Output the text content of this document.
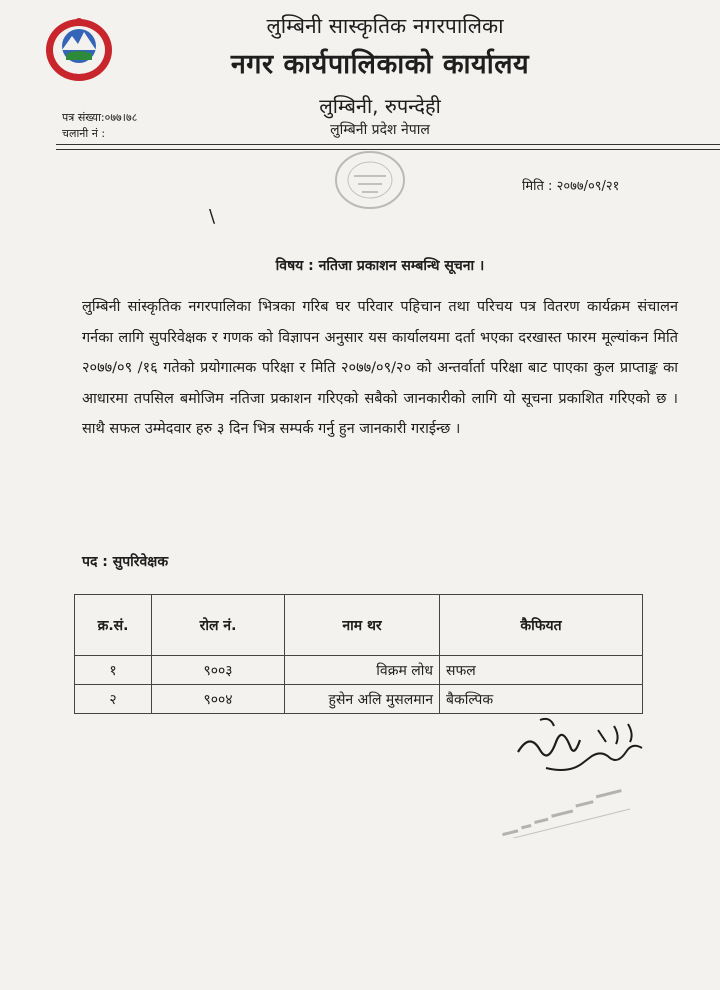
लुम्बिनी सास्कृतिक नगरपालिका
नगर कार्यपालिकाको कार्यालय
लुम्बिनी, रुपन्देही
लुम्बिनी प्रदेश नेपाल
पत्र संख्या:०७७।७८
चलानी नं :
मिति : २०७७/०९/२१
\
विषय : नतिजा प्रकाशन सम्बन्धि सूचना ।
लुम्बिनी सांस्कृतिक नगरपालिका भित्रका गरिब घर परिवार पहिचान तथा परिचय पत्र वितरण कार्यक्रम संचालन गर्नका लागि सुपरिवेक्षक र गणक को विज्ञापन अनुसार यस कार्यालयमा दर्ता भएका दरखास्त फारम मूल्यांकन मिति २०७७/०९ /१६ गतेको प्रयोगात्मक परिक्षा र मिति २०७७/०९/२० को अन्तर्वार्ता परिक्षा बाट पाएका कुल प्राप्ताङ्क का आधारमा तपसिल बमोजिम नतिजा प्रकाशन गरिएको सबैको जानकारीको लागि यो सूचना प्रकाशित गरिएको छ । साथै सफल उम्मेदवार हरु ३ दिन भित्र सम्पर्क गर्नु हुन जानकारी गराईन्छ ।
पद : सुपरिवेक्षक
क्र.सं.	रोल नं.	नाम थर	कैफियत
१	९००३	विक्रम लोध	सफल
२	९००४	हुसेन अलि मुसलमान	बैकल्पिक
